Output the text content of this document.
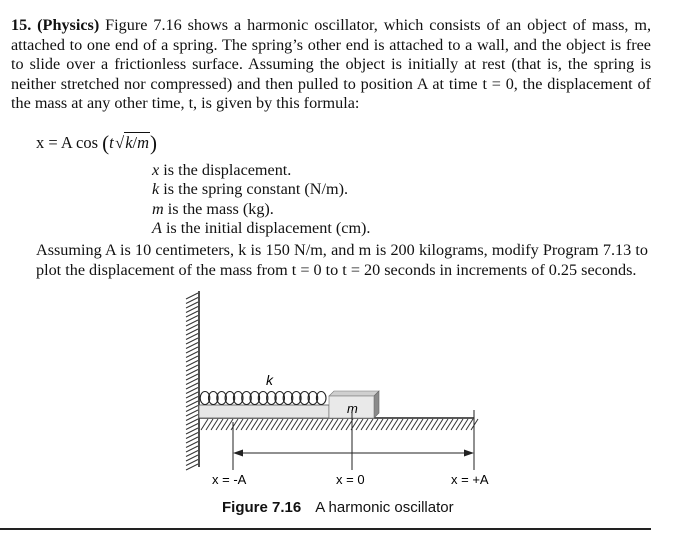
15. (Physics) Figure 7.16 shows a harmonic oscillator, which consists of an object of mass, m, attached to one end of a spring. The spring’s other end is attached to a wall, and the object is free to slide over a frictionless surface. Assuming the object is initially at rest (that is, the spring is neither stretched nor compressed) and then pulled to position A at time t = 0, the displacement of the mass at any other time, t, is given by this formula:
x = A cos (t √k/m)
x is the displacement.
k is the spring constant (N/m).
m is the mass (kg).
A is the initial displacement (cm).
Assuming A is 10 centimeters, k is 150 N/m, and m is 200 kilograms, modify Program 7.13 to plot the displacement of the mass from t = 0 to t = 20 seconds in increments of 0.25 seconds.
k
m
x = -A	x = 0	x = +A
Figure 7.16 A harmonic oscillator
